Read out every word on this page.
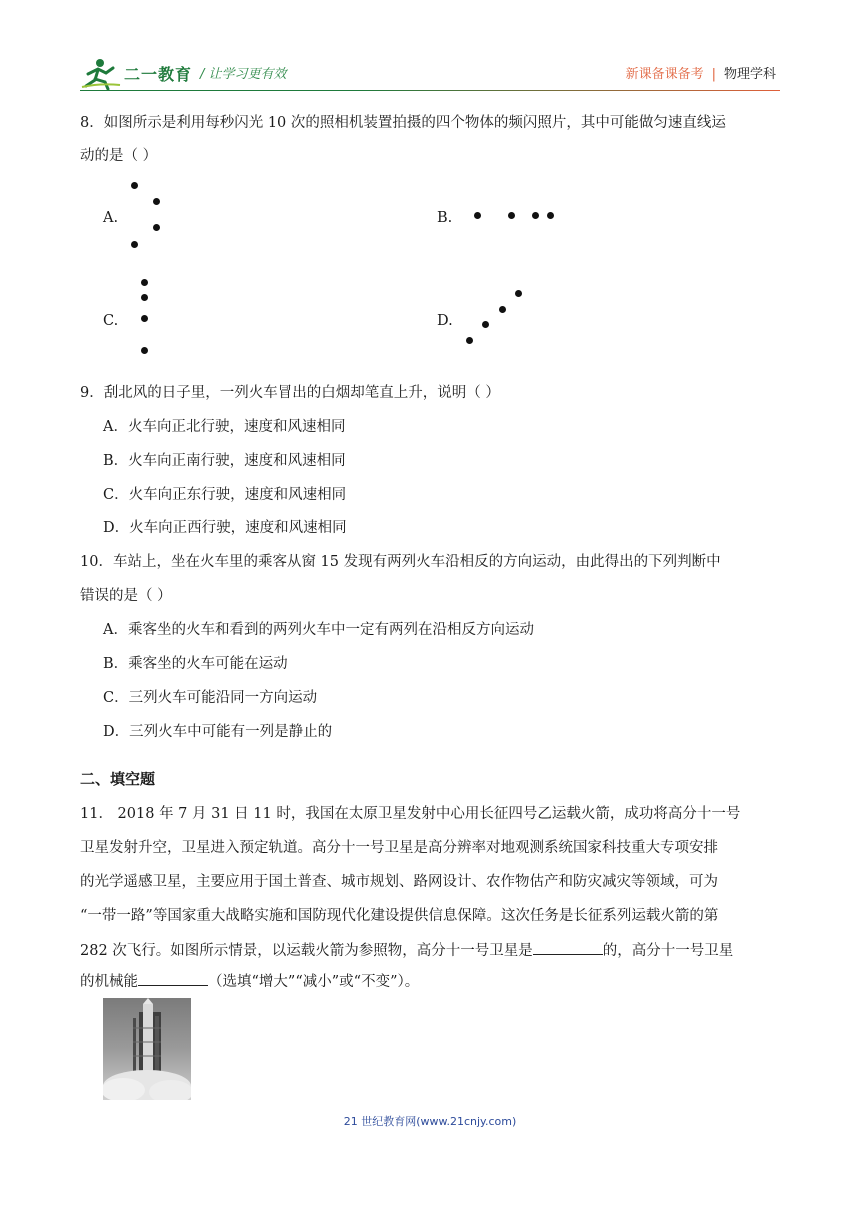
二一教育 / 让学习更有效	新课备课备考 | 物理学科
8．如图所示是利用每秒闪光 10 次的照相机装置拍摄的四个物体的频闪照片，其中可能做匀速直线运
动的是（ ）
A.	B.
C.	D.
9．刮北风的日子里，一列火车冒出的白烟却笔直上升，说明（ ）
A．火车向正北行驶，速度和风速相同
B．火车向正南行驶，速度和风速相同
C．火车向正东行驶，速度和风速相同
D．火车向正西行驶，速度和风速相同
10．车站上，坐在火车里的乘客从窗 15 发现有两列火车沿相反的方向运动，由此得出的下列判断中
错误的是（ ）
A．乘客坐的火车和看到的两列火车中一定有两列在沿相反方向运动
B．乘客坐的火车可能在运动
C．三列火车可能沿同一方向运动
D．三列火车中可能有一列是静止的
二、填空题
11． 2018 年 7 月 31 日 11 时，我国在太原卫星发射中心用长征四号乙运载火箭，成功将高分十一号
卫星发射升空，卫星进入预定轨道。高分十一号卫星是高分辨率对地观测系统国家科技重大专项安排
的光学遥感卫星，主要应用于国土普查、城市规划、路网设计、农作物估产和防灾减灾等领域，可为
“一带一路”等国家重大战略实施和国防现代化建设提供信息保障。这次任务是长征系列运载火箭的第
282 次飞行。如图所示情景，以运载火箭为参照物，高分十一号卫星是	的，高分十一号卫星
的机械能	（选填“增大”“减小”或“不变”）。
21 世纪教育网(www.21cnjy.com)
